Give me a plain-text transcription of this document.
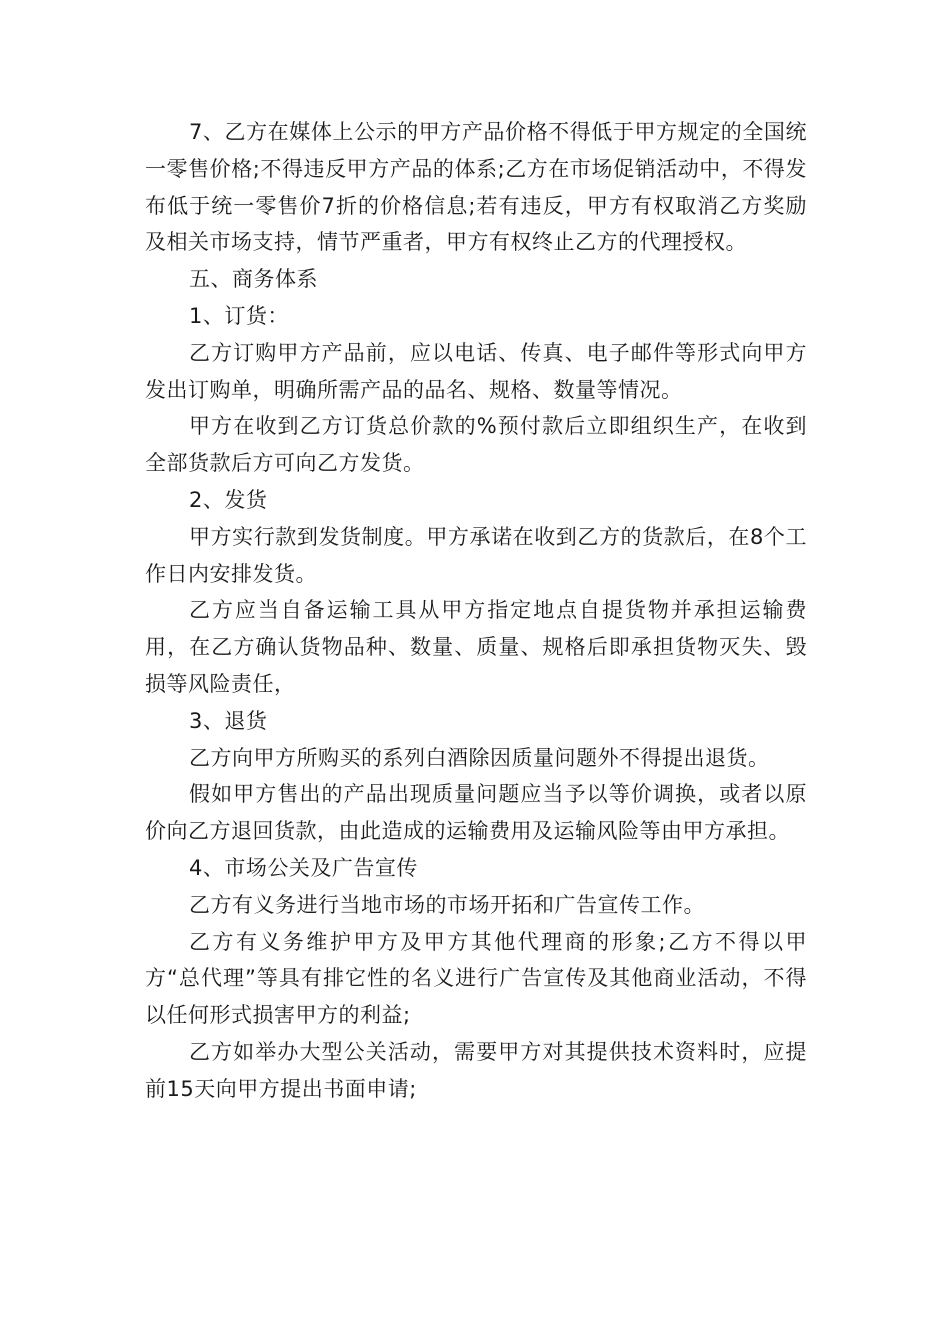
7、乙方在媒体上公示的甲方产品价格不得低于甲方规定的全国统一零售价格;不得违反甲方产品的体系;乙方在市场促销活动中，不得发布低于统一零售价7折的价格信息;若有违反，甲方有权取消乙方奖励及相关市场支持，情节严重者，甲方有权终止乙方的代理授权。

五、商务体系

1、订货：

乙方订购甲方产品前，应以电话、传真、电子邮件等形式向甲方发出订购单，明确所需产品的品名、规格、数量等情况。

甲方在收到乙方订货总价款的%预付款后立即组织生产，在收到全部货款后方可向乙方发货。

2、发货

甲方实行款到发货制度。甲方承诺在收到乙方的货款后，在8个工作日内安排发货。

乙方应当自备运输工具从甲方指定地点自提货物并承担运输费用，在乙方确认货物品种、数量、质量、规格后即承担货物灭失、毁损等风险责任，

3、退货

乙方向甲方所购买的系列白酒除因质量问题外不得提出退货。

假如甲方售出的产品出现质量问题应当予以等价调换，或者以原价向乙方退回货款，由此造成的运输费用及运输风险等由甲方承担。

4、市场公关及广告宣传

乙方有义务进行当地市场的市场开拓和广告宣传工作。

乙方有义务维护甲方及甲方其他代理商的形象;乙方不得以甲方“总代理”等具有排它性的名义进行广告宣传及其他商业活动，不得以任何形式损害甲方的利益;

乙方如举办大型公关活动，需要甲方对其提供技术资料时，应提前15天向甲方提出书面申请;
